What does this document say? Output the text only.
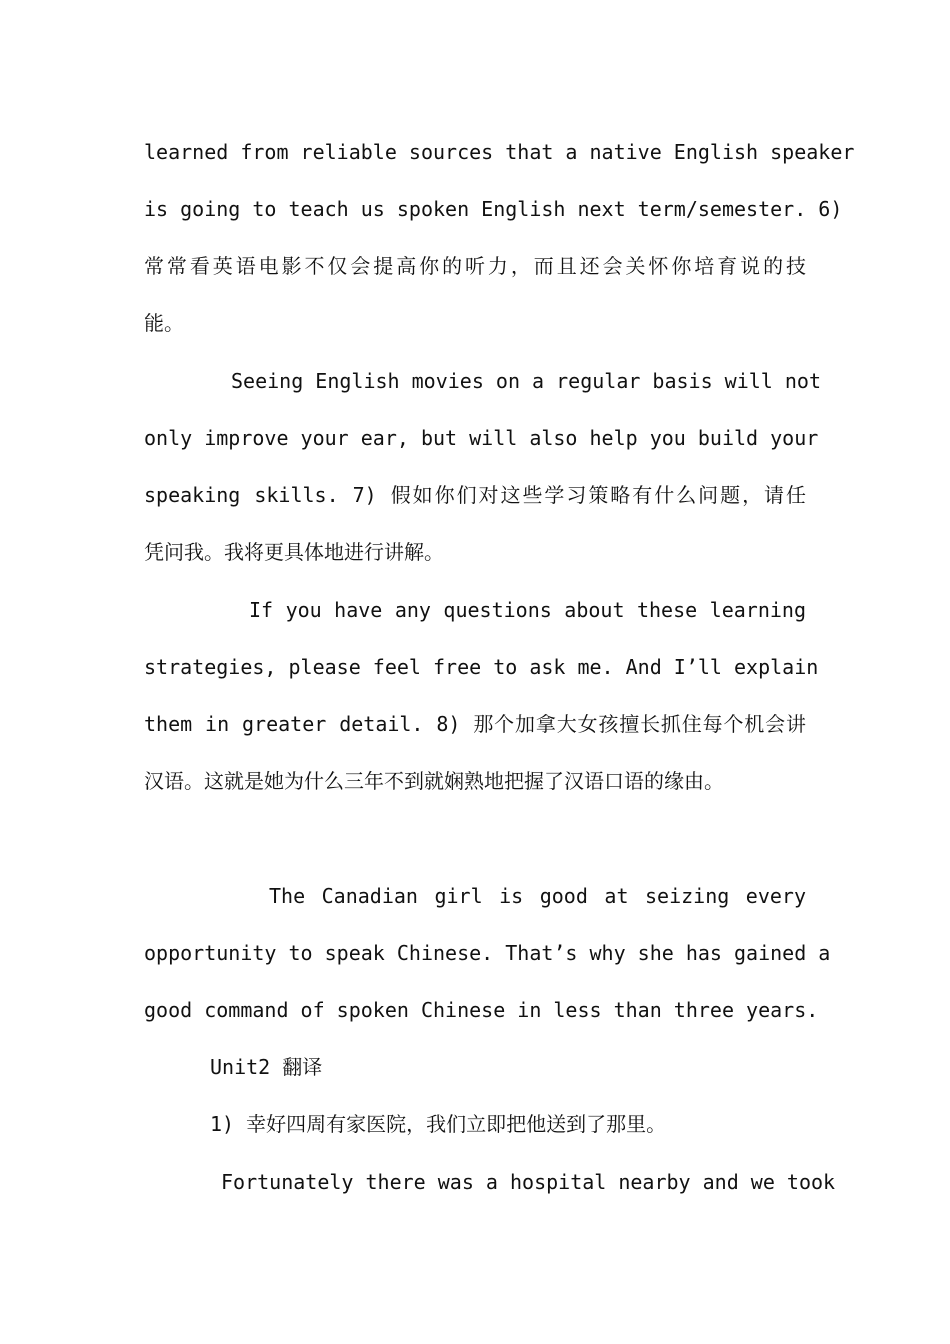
learned from reliable sources that a native English speaker
is going to teach us spoken English next term/semester. 6)
常常看英语电影不仅会提高你的听力，而且还会关怀你培育说的技
能。
Seeing English movies on a regular basis will not
only improve your ear, but will also help you build your
speaking skills. 7) 假如你们对这些学习策略有什么问题，请任
凭问我。我将更具体地进行讲解。
If you have any questions about these learning
strategies, please feel free to ask me. And I’ll explain
them in greater detail. 8) 那个加拿大女孩擅长抓住每个机会讲
汉语。这就是她为什么三年不到就娴熟地把握了汉语口语的缘由。
The Canadian girl is good at seizing every
opportunity to speak Chinese. That’s why she has gained a
good command of spoken Chinese in less than three years.
Unit2 翻译
1) 幸好四周有家医院，我们立即把他送到了那里。
Fortunately there was a hospital nearby and we took
